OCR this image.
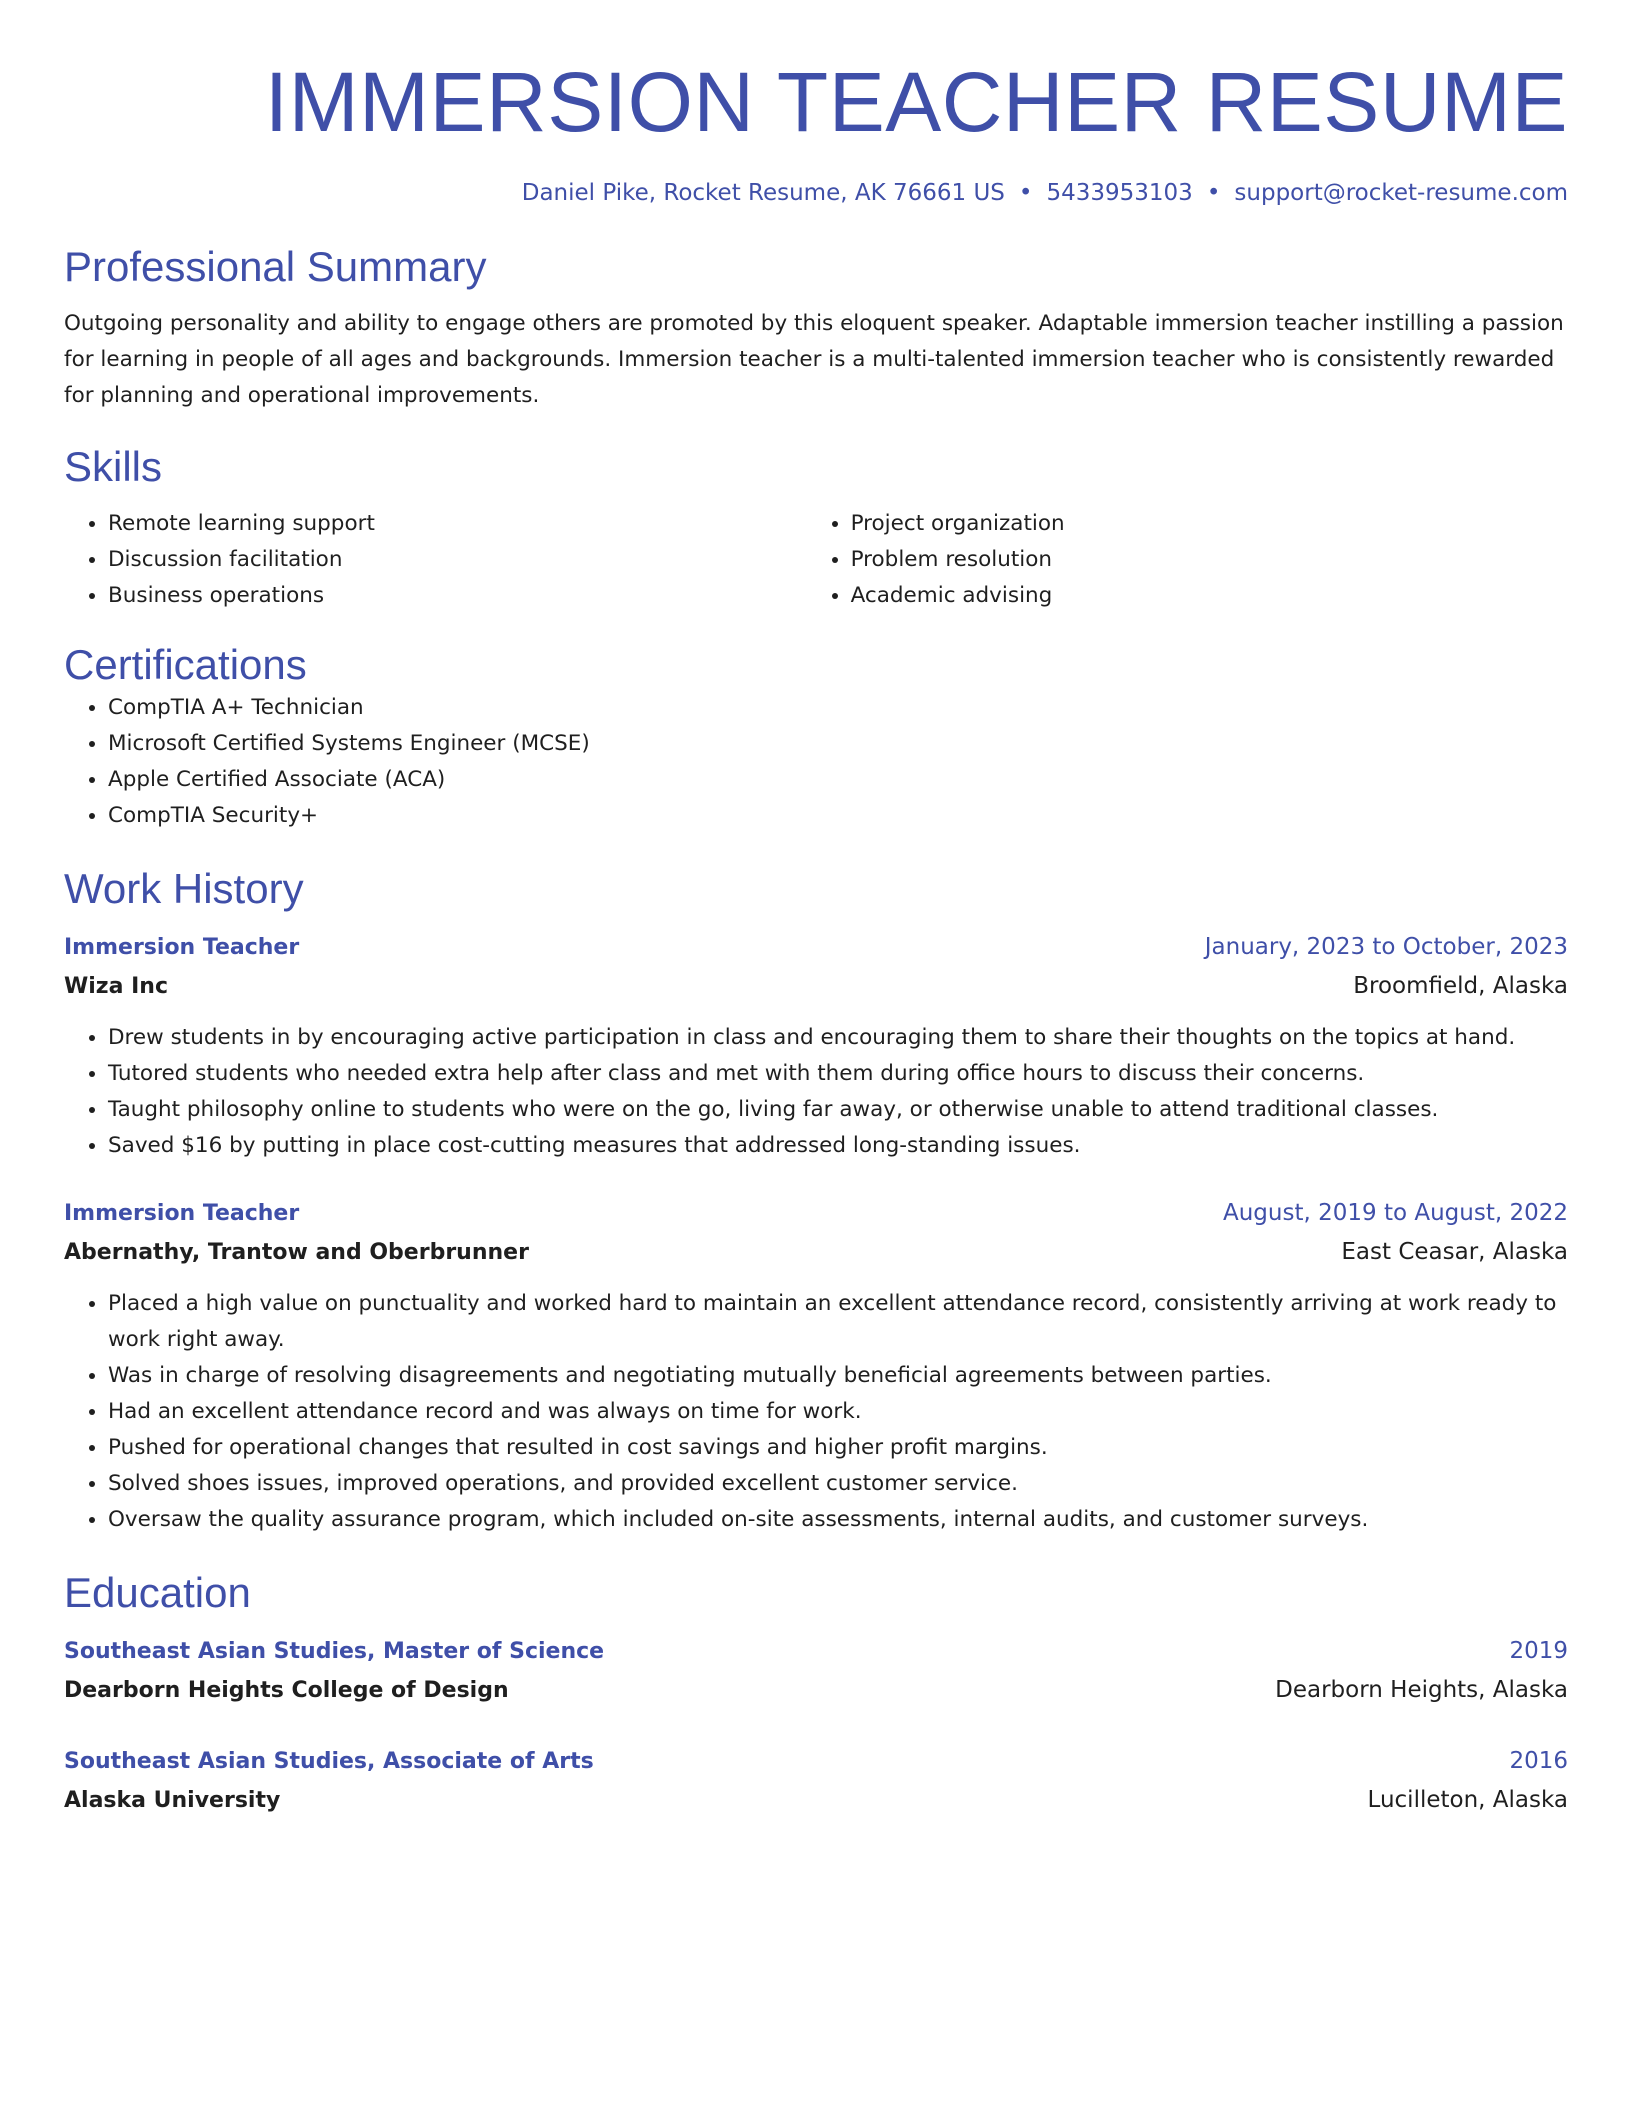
IMMERSION TEACHER RESUME
Daniel Pike, Rocket Resume, AK 76661 US • 5433953103 • support@rocket-resume.com
Professional Summary

Outgoing personality and ability to engage others are promoted by this eloquent speaker. Adaptable immersion teacher instilling a passion for learning in people of all ages and backgrounds. Immersion teacher is a multi-talented immersion teacher who is consistently rewarded for planning and operational improvements.

Skills
• Remote learning support
• Discussion facilitation
• Business operations
• Project organization
• Problem resolution
• Academic advising
Certifications
• CompTIA A+ Technician
• Microsoft Certified Systems Engineer (MCSE)
• Apple Certified Associate (ACA)
• CompTIA Security+
Work History
Immersion Teacher	January, 2023 to October, 2023
Wiza Inc	Broomfield, Alaska
• Drew students in by encouraging active participation in class and encouraging them to share their thoughts on the topics at hand.
• Tutored students who needed extra help after class and met with them during office hours to discuss their concerns.
• Taught philosophy online to students who were on the go, living far away, or otherwise unable to attend traditional classes.
• Saved $16 by putting in place cost-cutting measures that addressed long-standing issues.
Immersion Teacher	August, 2019 to August, 2022
Abernathy, Trantow and Oberbrunner	East Ceasar, Alaska
• Placed a high value on punctuality and worked hard to maintain an excellent attendance record, consistently arriving at work ready to work right away.
• Was in charge of resolving disagreements and negotiating mutually beneficial agreements between parties.
• Had an excellent attendance record and was always on time for work.
• Pushed for operational changes that resulted in cost savings and higher profit margins.
• Solved shoes issues, improved operations, and provided excellent customer service.
• Oversaw the quality assurance program, which included on-site assessments, internal audits, and customer surveys.
Education
Southeast Asian Studies, Master of Science	2019
Dearborn Heights College of Design	Dearborn Heights, Alaska
Southeast Asian Studies, Associate of Arts	2016
Alaska University	Lucilleton, Alaska
